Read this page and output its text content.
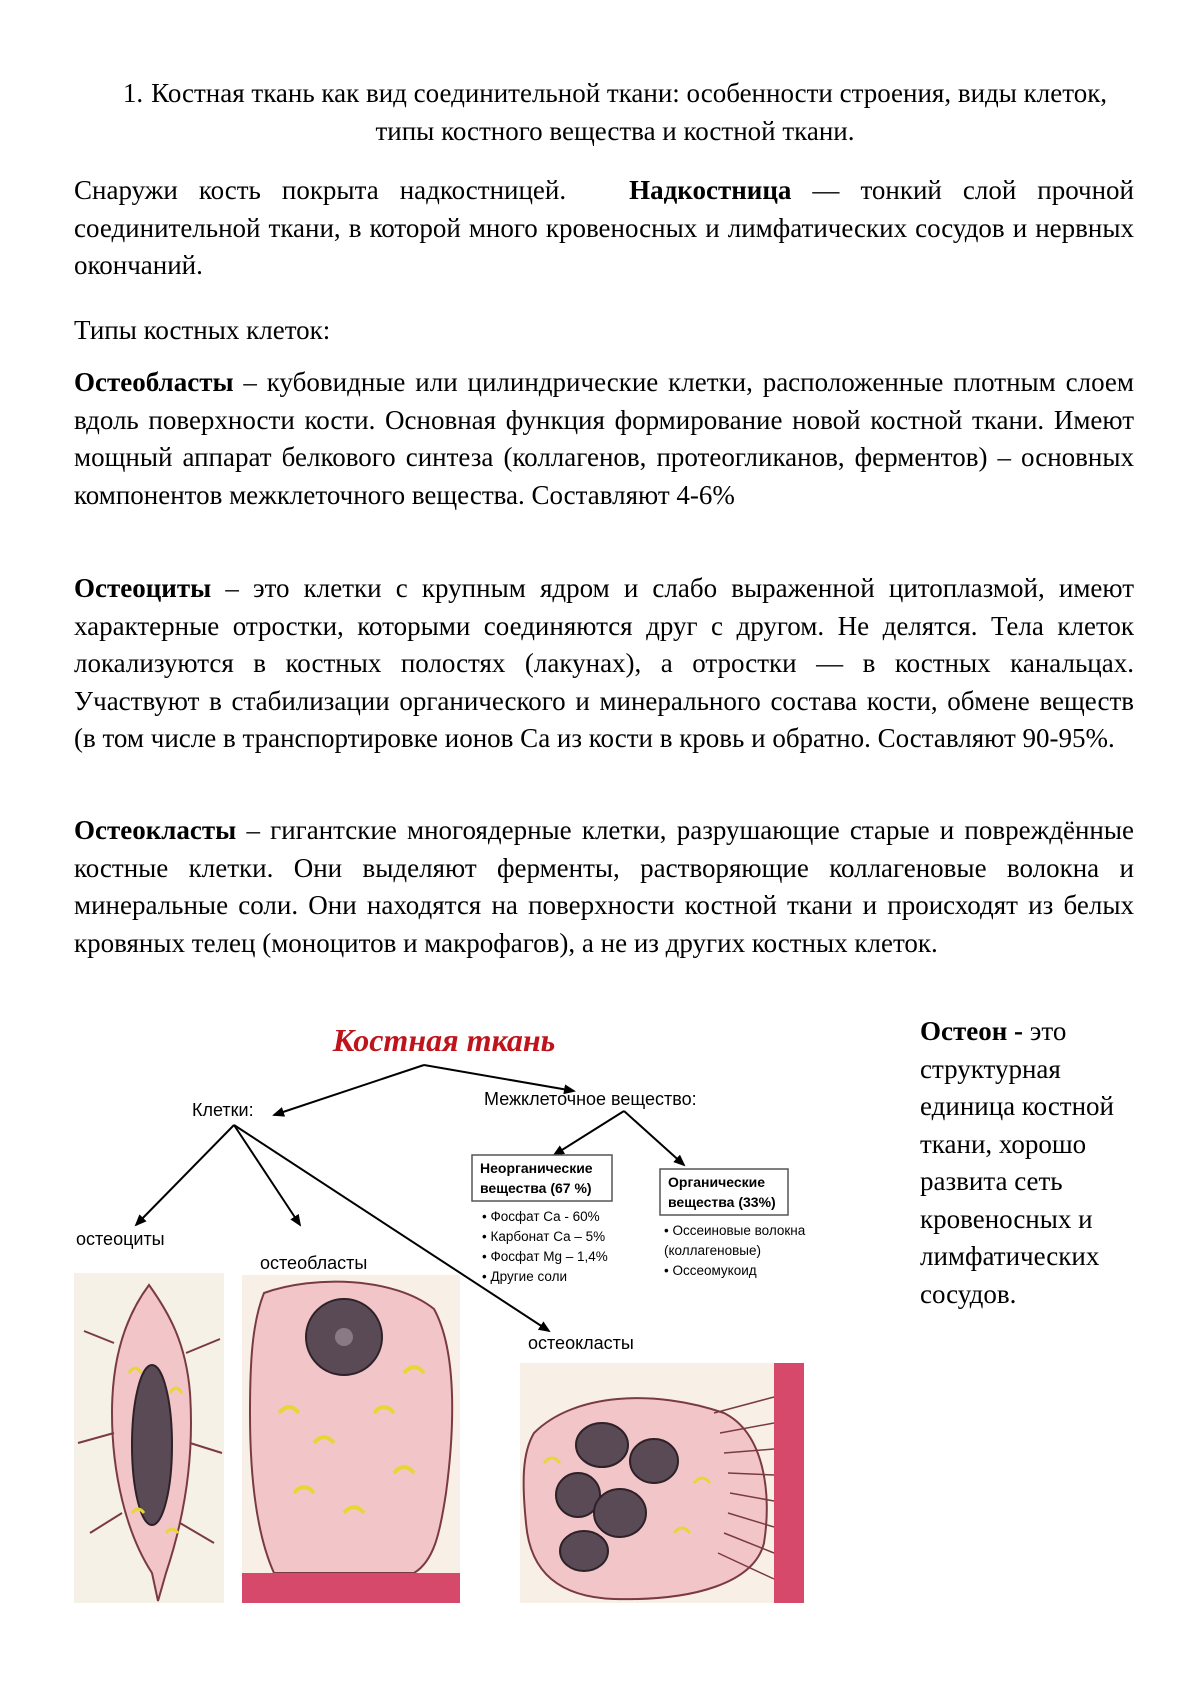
1. Костная ткань как вид соединительной ткани: особенности строения, виды клеток, типы костного вещества и костной ткани.

Снаружи кость покрыта надкостницей. Надкостница — тонкий слой прочной соединительной ткани, в которой много кровеносных и лимфатических сосудов и нервных окончаний.

Типы костных клеток:

Остеобласты – кубовидные или цилиндрические клетки, расположенные плотным слоем вдоль поверхности кости. Основная функция формирование новой костной ткани. Имеют мощный аппарат белкового синтеза (коллагенов, протеогликанов, ферментов) – основных компонентов межклеточного вещества. Составляют 4-6%

Остеоциты – это клетки с крупным ядром и слабо выраженной цитоплазмой, имеют характерные отростки, которыми соединяются друг с другом. Не делятся. Тела клеток локализуются в костных полостях (лакунах), а отростки — в костных канальцах. Участвуют в стабилизации органического и минерального состава кости, обмене веществ (в том числе в транспортировке ионов Са из кости в кровь и обратно. Составляют 90-95%.

Остеокласты – гигантские многоядерные клетки, разрушающие старые и повреждённые костные клетки. Они выделяют ферменты, растворяющие коллагеновые волокна и минеральные соли. Они находятся на поверхности костной ткани и происходят из белых кровяных телец (моноцитов и макрофагов), а не из других костных клеток.

Костная ткань
Клетки:
Межклеточное вещество:
Неорганические
вещества (67 %)
• Фосфат Са - 60%
• Карбонат Са – 5%
• Фосфат Mg – 1,4%
• Другие соли
Органические
вещества (33%)
• Оссеиновые волокна
(коллагеновые)
• Оссеомукоид
остеоциты
остеобласты
остеокласты
Остеон - это структурная единица костной ткани, хорошо развита сеть кровеносных и лимфатических сосудов.
